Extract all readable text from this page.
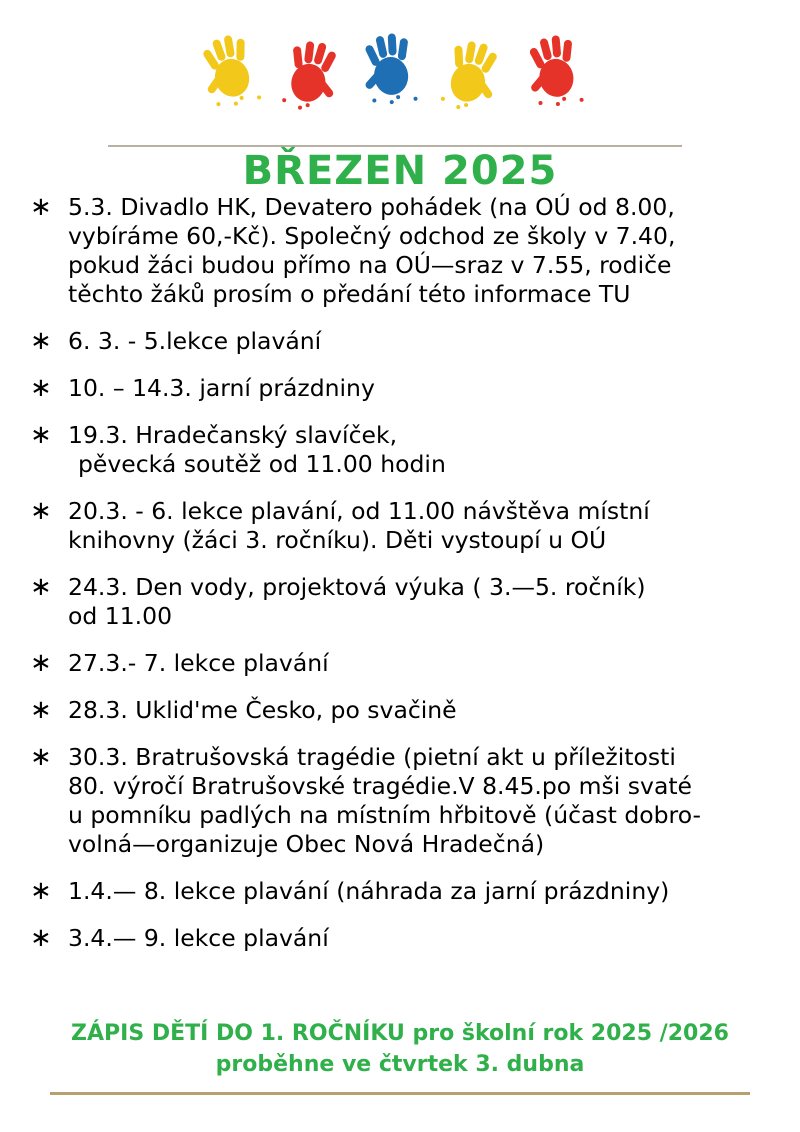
BŘEZEN 2025
∗ 5.3. Divadlo HK, Devatero pohádek (na OÚ od 8.00,
vybíráme 60,-Kč). Společný odchod ze školy v 7.40,
pokud žáci budou přímo na OÚ—sraz v 7.55, rodiče
těchto žáků prosím o předání této informace TU
∗ 6. 3. - 5.lekce plavání
∗ 10. – 14.3. jarní prázdniny
∗ 19.3. Hradečanský slavíček,
pěvecká soutěž od 11.00 hodin
∗ 20.3. - 6. lekce plavání, od 11.00 návštěva místní
knihovny (žáci 3. ročníku). Děti vystoupí u OÚ
∗ 24.3. Den vody, projektová výuka ( 3.—5. ročník)
od 11.00
∗ 27.3.- 7. lekce plavání
∗ 28.3. Uklid'me Česko, po svačině
∗ 30.3. Bratrušovská tragédie (pietní akt u příležitosti
80. výročí Bratrušovské tragédie.V 8.45.po mši svaté
u pomníku padlých na místním hřbitově (účast dobro-
volná—organizuje Obec Nová Hradečná)
∗ 1.4.— 8. lekce plavání (náhrada za jarní prázdniny)
∗ 3.4.— 9. lekce plavání
ZÁPIS DĚTÍ DO 1. ROČNÍKU pro školní rok 2025 /2026
proběhne ve čtvrtek 3. dubna
